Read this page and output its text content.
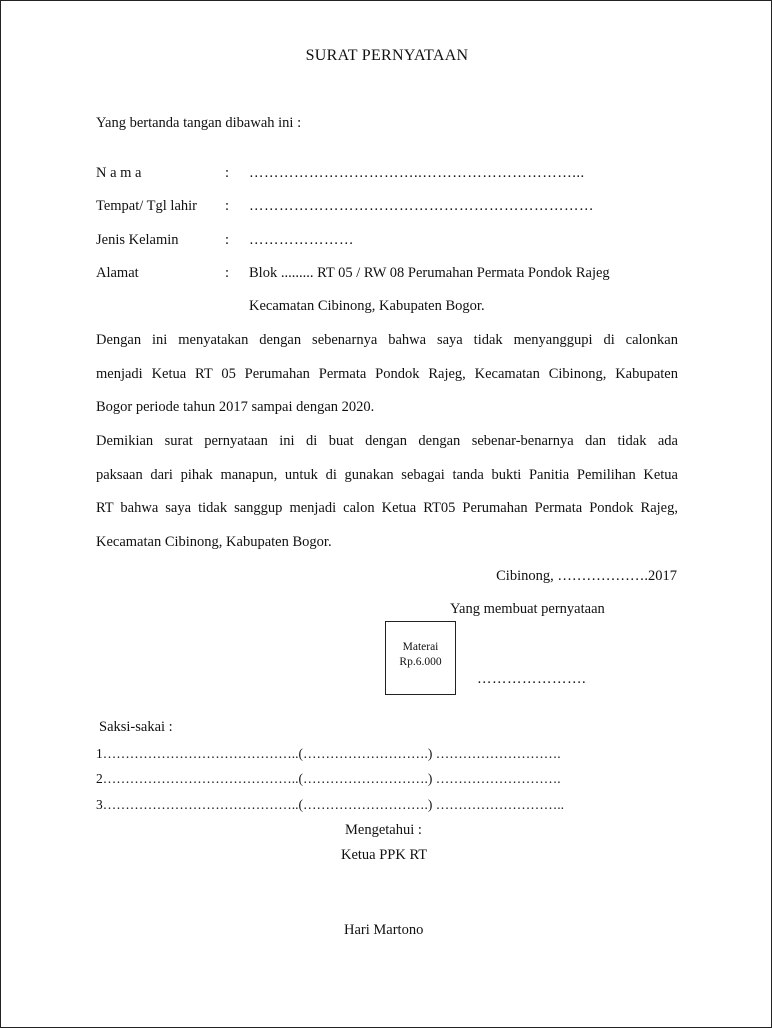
SURAT PERNYATAAN
Yang bertanda tangan dibawah ini :
N a m a	: ……………………………..…………………………...
Tempat/ Tgl lahir : ……………………………………………………………
Jenis Kelamin	: …………………
Alamat	: Blok ......... RT 05 / RW 08 Perumahan Permata Pondok Rajeg
Kecamatan Cibinong, Kabupaten Bogor.
Dengan ini menyatakan dengan sebenarnya bahwa saya tidak menyanggupi di calonkan
menjadi Ketua RT 05 Perumahan Permata Pondok Rajeg, Kecamatan Cibinong, Kabupaten
Bogor periode tahun 2017 sampai dengan 2020.
Demikian surat pernyataan ini di buat dengan dengan sebenar-benarnya dan tidak ada
paksaan dari pihak manapun, untuk di gunakan sebagai tanda bukti Panitia Pemilihan Ketua
RT bahwa saya tidak sanggup menjadi calon Ketua RT05 Perumahan Permata Pondok Rajeg,
Kecamatan Cibinong, Kabupaten Bogor.
Cibinong, ……………….2017
Yang membuat pernyataan
Materai
Rp.6.000
………………….
Saksi-sakai :
1……………………………………..(……………………….) ……………………….
2……………………………………..(……………………….) ……………………….
3……………………………………..(……………………….) ………………………..
Mengetahui :
Ketua PPK RT
Hari Martono
